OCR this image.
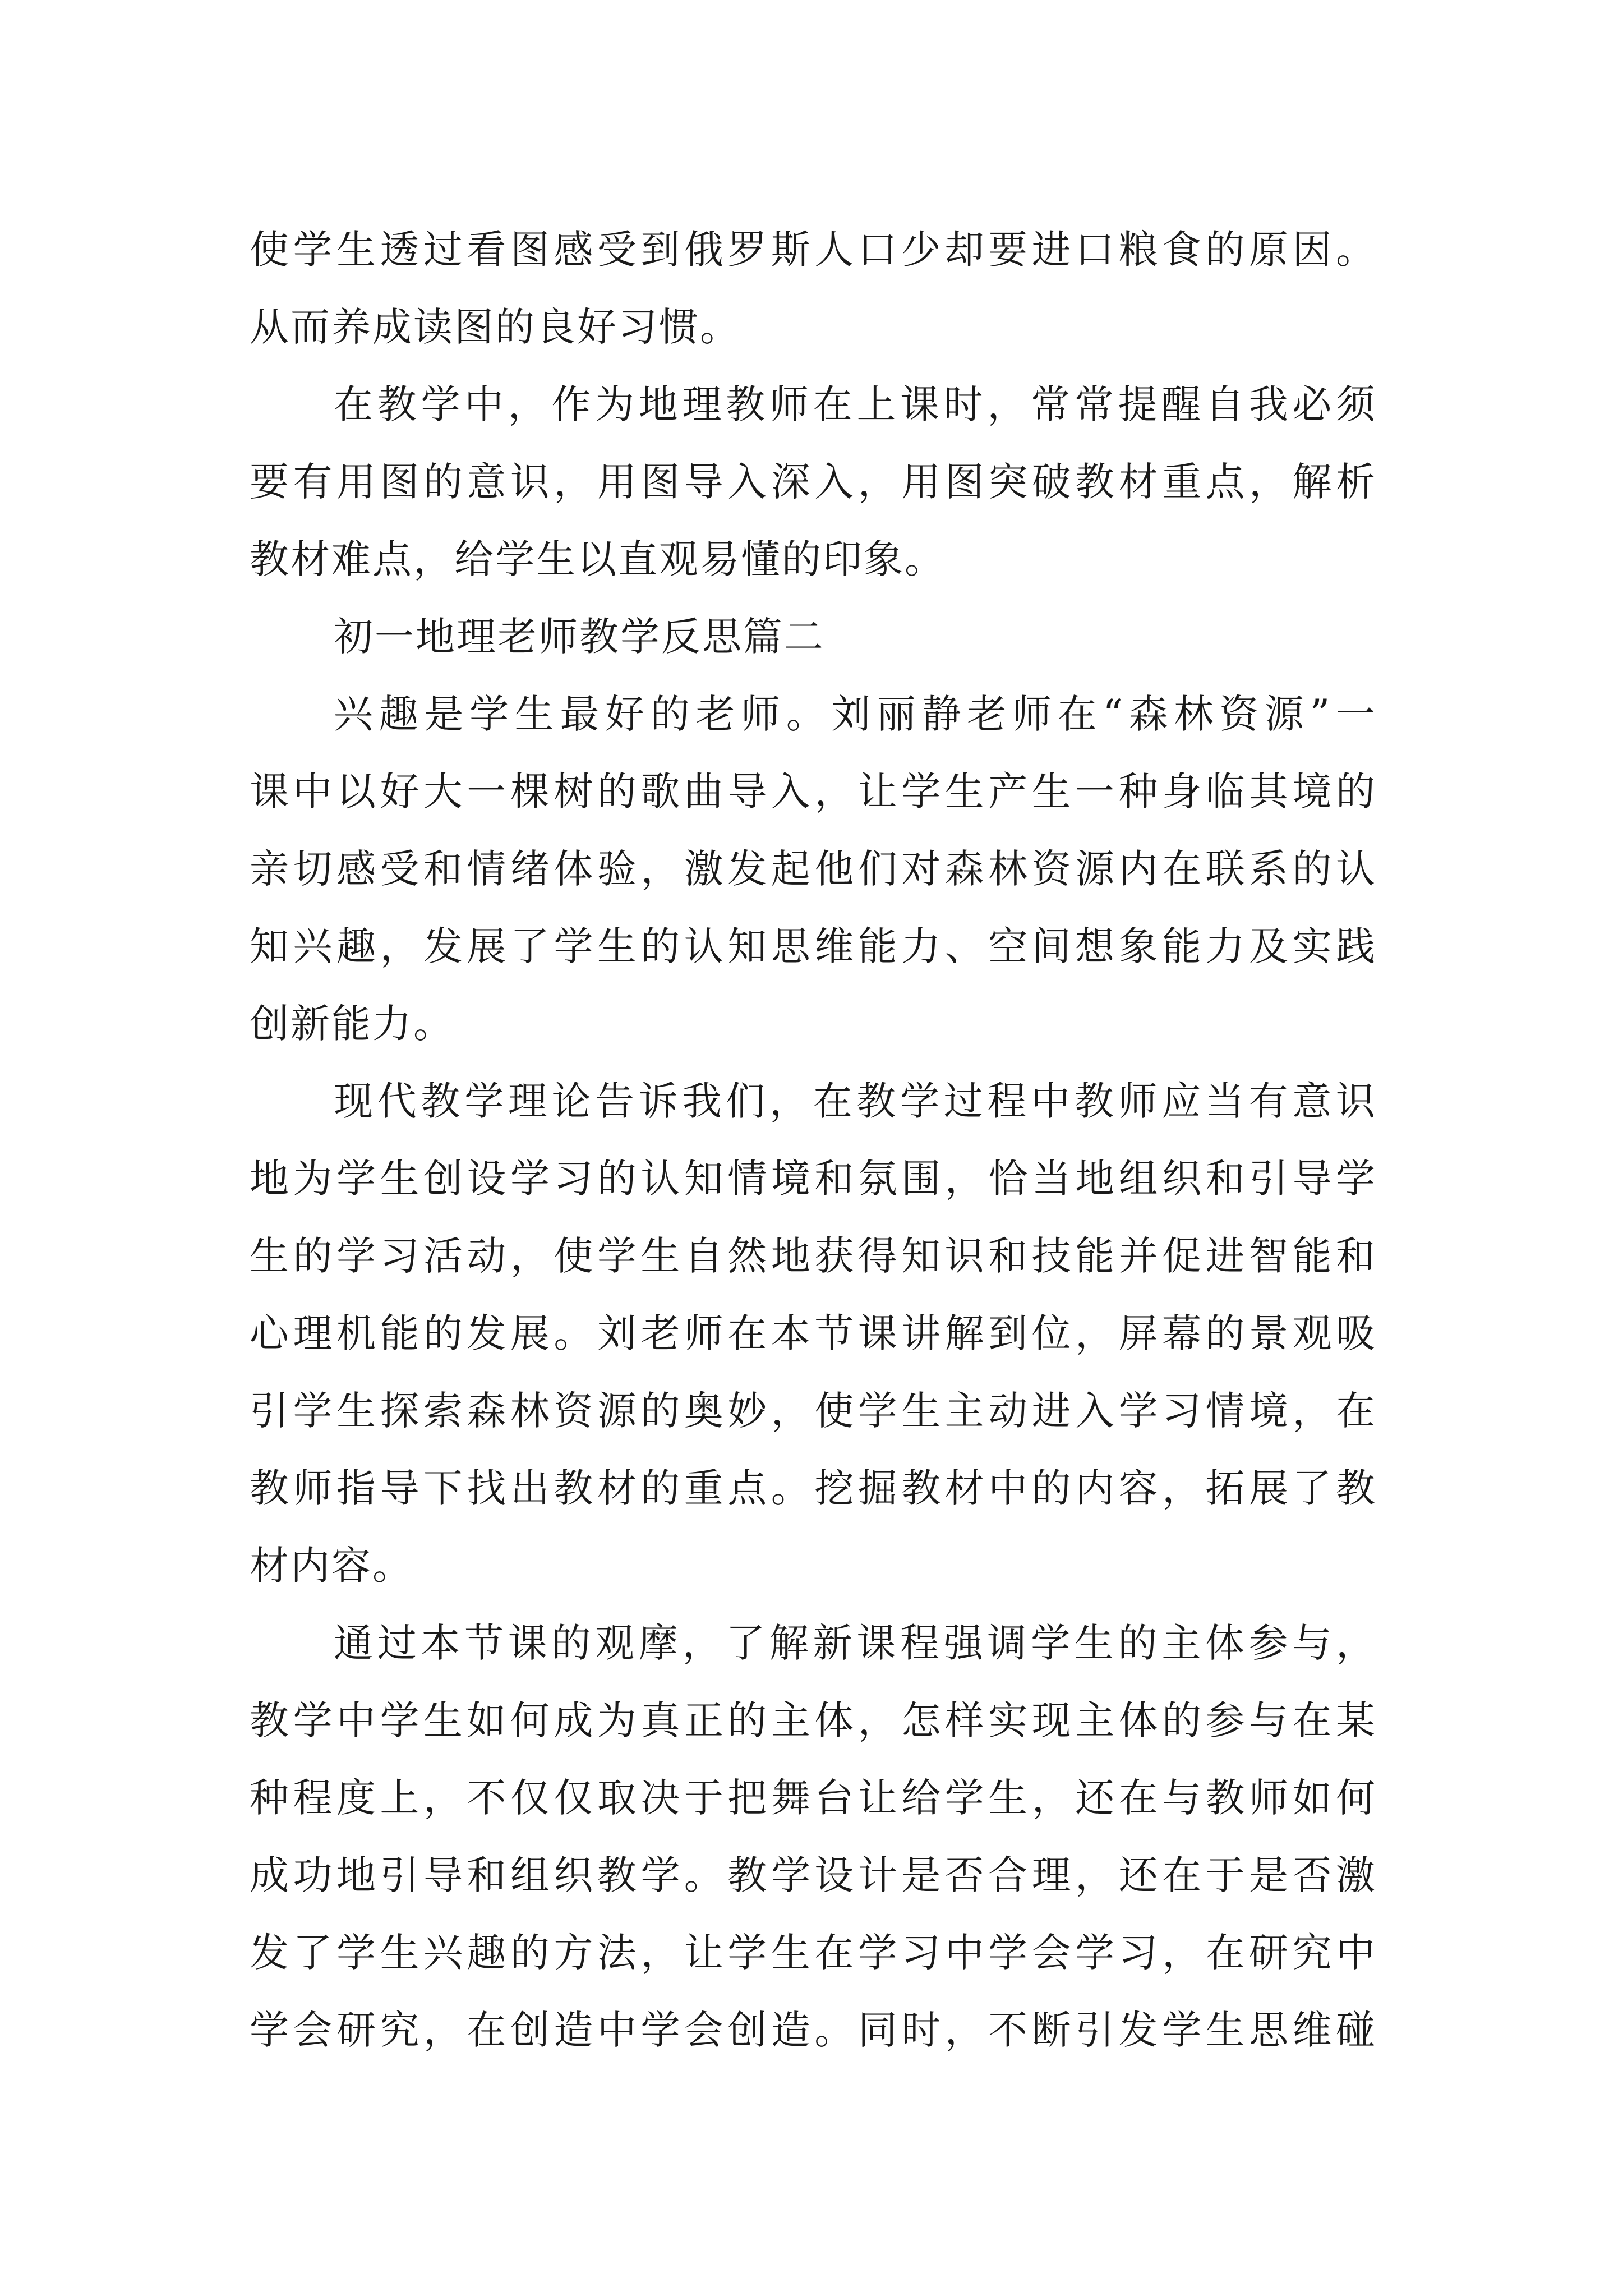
使学生透过看图感受到俄罗斯人口少却要进口粮食的原因。
从而养成读图的良好习惯。
在教学中，作为地理教师在上课时，常常提醒自我必须
要有用图的意识，用图导入深入，用图突破教材重点，解析
教材难点，给学生以直观易懂的印象。
初一地理老师教学反思篇二
兴趣是学生最好的老师。刘丽静老师在“森林资源”一
课中以好大一棵树的歌曲导入，让学生产生一种身临其境的
亲切感受和情绪体验，激发起他们对森林资源内在联系的认
知兴趣，发展了学生的认知思维能力、空间想象能力及实践
创新能力。
现代教学理论告诉我们，在教学过程中教师应当有意识
地为学生创设学习的认知情境和氛围，恰当地组织和引导学
生的学习活动，使学生自然地获得知识和技能并促进智能和
心理机能的发展。刘老师在本节课讲解到位，屏幕的景观吸
引学生探索森林资源的奥妙，使学生主动进入学习情境，在
教师指导下找出教材的重点。挖掘教材中的内容，拓展了教
材内容。
通过本节课的观摩，了解新课程强调学生的主体参与，
教学中学生如何成为真正的主体，怎样实现主体的参与在某
种程度上，不仅仅取决于把舞台让给学生，还在与教师如何
成功地引导和组织教学。教学设计是否合理，还在于是否激
发了学生兴趣的方法，让学生在学习中学会学习，在研究中
学会研究，在创造中学会创造。同时，不断引发学生思维碰
